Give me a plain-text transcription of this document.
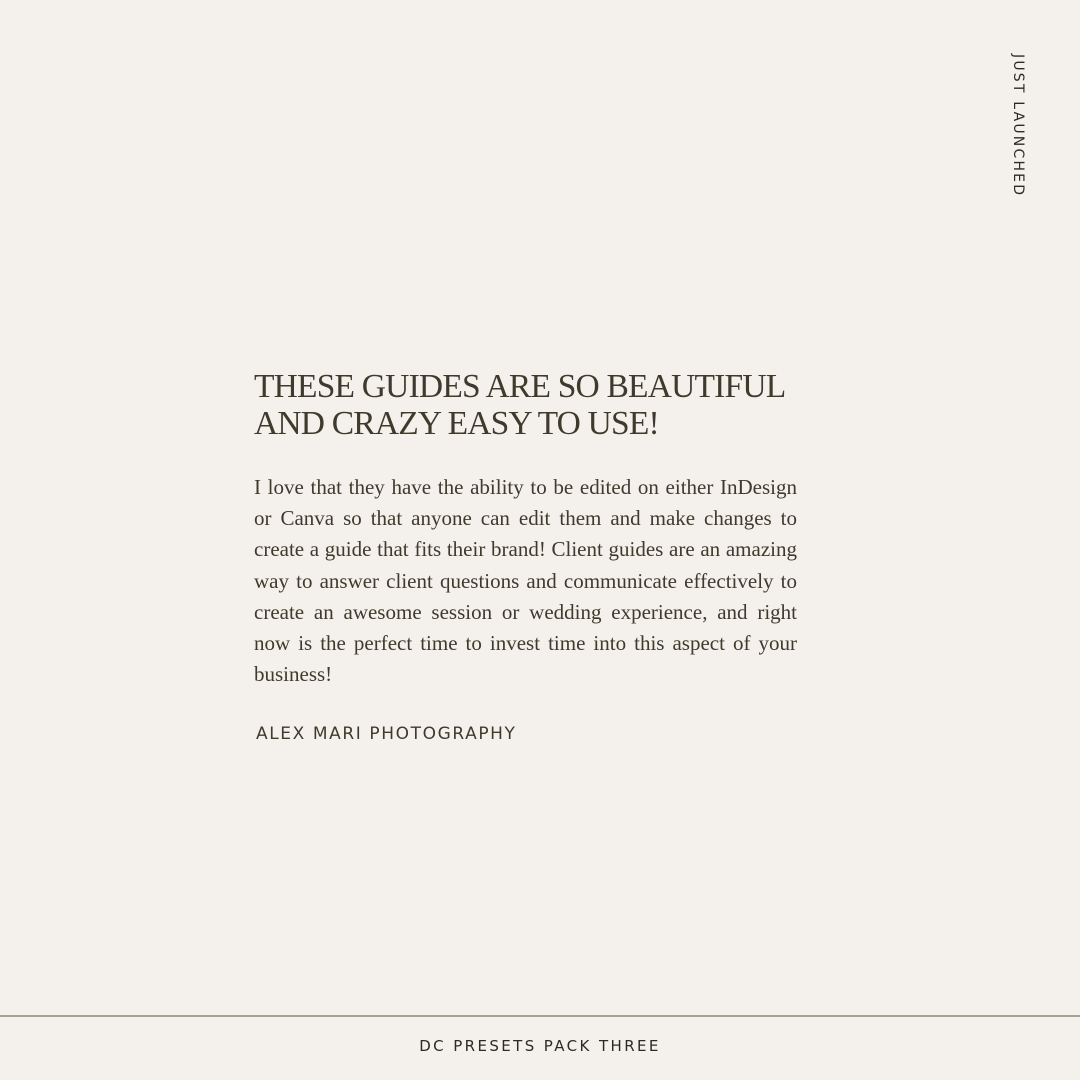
JUST LAUNCHED
THESE GUIDES ARE SO BEAUTIFUL AND CRAZY EASY TO USE!
I love that they have the ability to be edited on either InDesign or Canva so that anyone can edit them and make changes to create a guide that fits their brand! Client guides are an amazing way to answer client questions and communicate effectively to create an awesome session or wedding experience, and right now is the perfect time to invest time into this aspect of your business!
ALEX MARI PHOTOGRAPHY
DC PRESETS PACK THREE
